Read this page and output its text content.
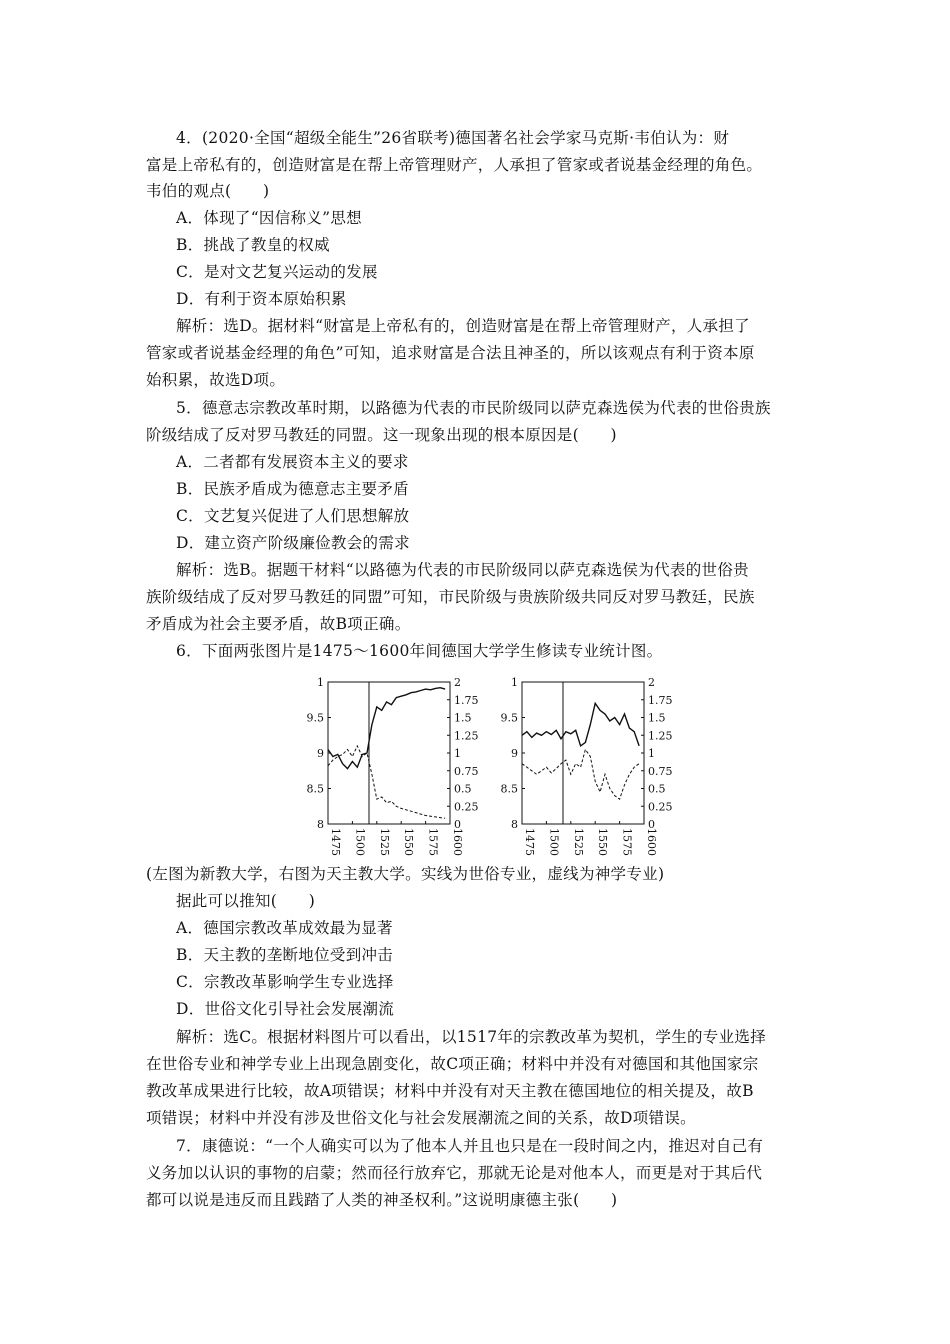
4．(2020·全国“超级全能生”26省联考)德国著名社会学家马克斯·韦伯认为：财
富是上帝私有的，创造财富是在帮上帝管理财产，人承担了管家或者说基金经理的角色。
韦伯的观点(　　)
A．体现了“因信称义”思想
B．挑战了教皇的权威
C．是对文艺复兴运动的发展
D．有利于资本原始积累
解析：选D。据材料“财富是上帝私有的，创造财富是在帮上帝管理财产，人承担了
管家或者说基金经理的角色”可知，追求财富是合法且神圣的，所以该观点有利于资本原
始积累，故选D项。
5．德意志宗教改革时期，以路德为代表的市民阶级同以萨克森选侯为代表的世俗贵族
阶级结成了反对罗马教廷的同盟。这一现象出现的根本原因是(　　)
A．二者都有发展资本主义的要求
B．民族矛盾成为德意志主要矛盾
C．文艺复兴促进了人们思想解放
D．建立资产阶级廉俭教会的需求
解析：选B。据题干材料“以路德为代表的市民阶级同以萨克森选侯为代表的世俗贵
族阶级结成了反对罗马教廷的同盟”可知，市民阶级与贵族阶级共同反对罗马教廷，民族
矛盾成为社会主要矛盾，故B项正确。
6．下面两张图片是1475～1600年间德国大学学生修读专业统计图。
1
9.5
9
8.5
8
2
1.75
1.5
1.25
1
0.75
0.5
0.25
0
1475 1500 1525 1550 1575 1600
1
9.5
9
8.5
8
2
1.75
1.5
1.25
1
0.75
0.5
0.25
0
1475 1500 1525 1550 1575 1600
(左图为新教大学，右图为天主教大学。实线为世俗专业，虚线为神学专业)
据此可以推知(　　)
A．德国宗教改革成效最为显著
B．天主教的垄断地位受到冲击
C．宗教改革影响学生专业选择
D．世俗文化引导社会发展潮流
解析：选C。根据材料图片可以看出，以1517年的宗教改革为契机，学生的专业选择
在世俗专业和神学专业上出现急剧变化，故C项正确；材料中并没有对德国和其他国家宗
教改革成果进行比较，故A项错误；材料中并没有对天主教在德国地位的相关提及，故B
项错误；材料中并没有涉及世俗文化与社会发展潮流之间的关系，故D项错误。
7．康德说：“一个人确实可以为了他本人并且也只是在一段时间之内，推迟对自己有
义务加以认识的事物的启蒙；然而径行放弃它，那就无论是对他本人，而更是对于其后代
都可以说是违反而且践踏了人类的神圣权利。”这说明康德主张(　　)
